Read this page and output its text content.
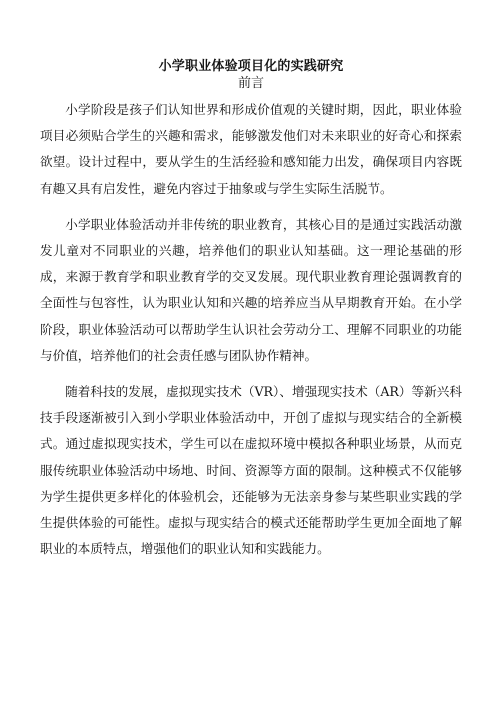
小学职业体验项目化的实践研究
前言

小学阶段是孩子们认知世界和形成价值观的关键时期，因此，职业体验项目必须贴合学生的兴趣和需求，能够激发他们对未来职业的好奇心和探索欲望。设计过程中，要从学生的生活经验和感知能力出发，确保项目内容既有趣又具有启发性，避免内容过于抽象或与学生实际生活脱节。

小学职业体验活动并非传统的职业教育，其核心目的是通过实践活动激发儿童对不同职业的兴趣，培养他们的职业认知基础。这一理论基础的形成，来源于教育学和职业教育学的交叉发展。现代职业教育理论强调教育的全面性与包容性，认为职业认知和兴趣的培养应当从早期教育开始。在小学阶段，职业体验活动可以帮助学生认识社会劳动分工、理解不同职业的功能与价值，培养他们的社会责任感与团队协作精神。

随着科技的发展，虚拟现实技术（VR）、增强现实技术（AR）等新兴科技手段逐渐被引入到小学职业体验活动中，开创了虚拟与现实结合的全新模式。通过虚拟现实技术，学生可以在虚拟环境中模拟各种职业场景，从而克服传统职业体验活动中场地、时间、资源等方面的限制。这种模式不仅能够为学生提供更多样化的体验机会，还能够为无法亲身参与某些职业实践的学生提供体验的可能性。虚拟与现实结合的模式还能帮助学生更加全面地了解职业的本质特点，增强他们的职业认知和实践能力。
